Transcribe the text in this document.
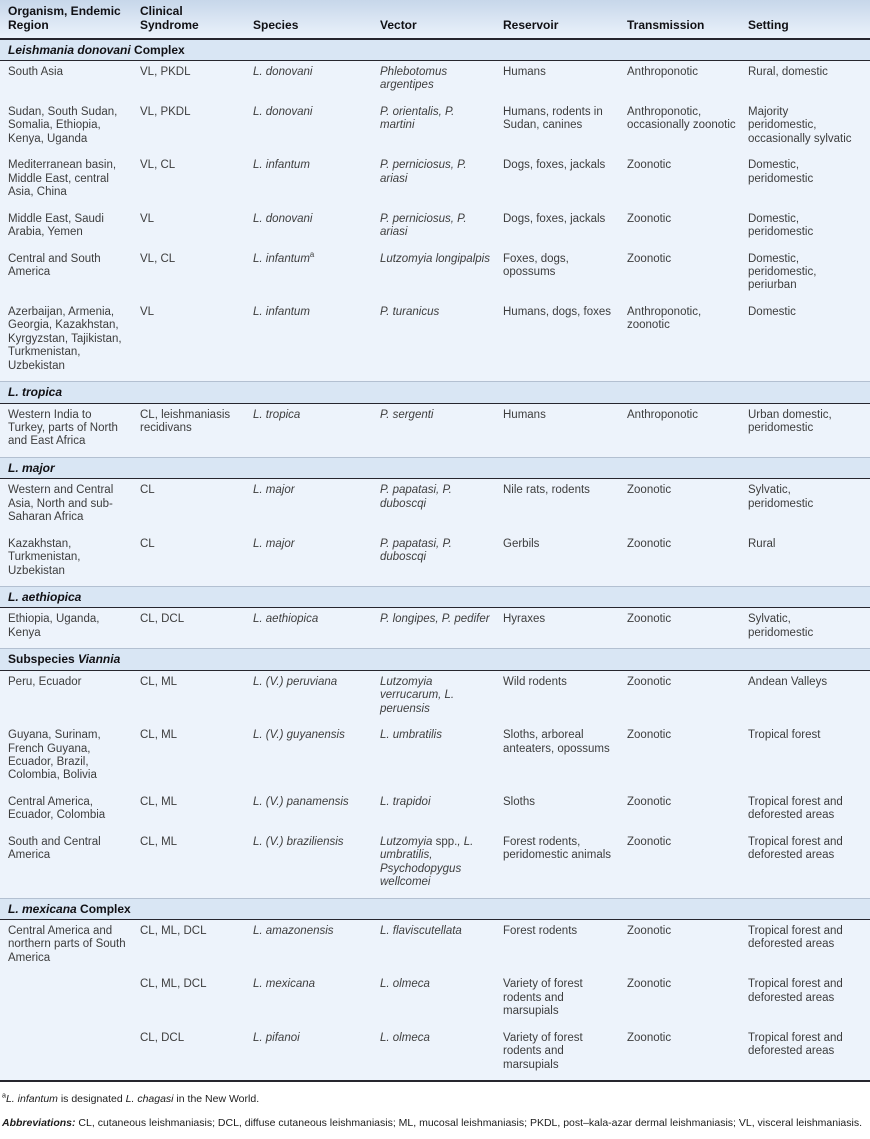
Organism, Endemic Region	Clinical Syndrome	Species	Vector	Reservoir	Transmission	Setting
Leishmania donovani Complex						
South Asia	VL, PKDL	L. donovani	Phlebotomus argentipes	Humans	Anthroponotic	Rural, domestic
Sudan, South Sudan, Somalia, Ethiopia, Kenya, Uganda	VL, PKDL	L. donovani	P. orientalis, P. martini	Humans, rodents in Sudan, canines	Anthroponotic, occasionally zoonotic	Majority peridomestic, occasionally sylvatic
Mediterranean basin, Middle East, central Asia, China	VL, CL	L. infantum	P. perniciosus, P. ariasi	Dogs, foxes, jackals	Zoonotic	Domestic, peridomestic
Middle East, Saudi Arabia, Yemen	VL	L. donovani	P. perniciosus, P. ariasi	Dogs, foxes, jackals	Zoonotic	Domestic, peridomestic
Central and South America	VL, CL	L. infantum$^a$	Lutzomyia longipalpis	Foxes, dogs, opossums	Zoonotic	Domestic, peridomestic, periurban
Azerbaijan, Armenia, Georgia, Kazakhstan, Kyrgyzstan, Tajikistan, Turkmenistan, Uzbekistan	VL	L. infantum	P. turanicus	Humans, dogs, foxes	Anthroponotic, zoonotic	Domestic
L. tropica						
Western India to Turkey, parts of North and East Africa	CL, leishmaniasis recidivans	L. tropica	P. sergenti	Humans	Anthroponotic	Urban domestic, peridomestic
L. major						
Western and Central Asia, North and sub-Saharan Africa	CL	L. major	P. papatasi, P. duboscqi	Nile rats, rodents	Zoonotic	Sylvatic, peridomestic
Kazakhstan, Turkmenistan, Uzbekistan	CL	L. major	P. papatasi, P. duboscqi	Gerbils	Zoonotic	Rural
L. aethiopica						
Ethiopia, Uganda, Kenya	CL, DCL	L. aethiopica	P. longipes, P. pedifer	Hyraxes	Zoonotic	Sylvatic, peridomestic
Subspecies Viannia						
Peru, Ecuador	CL, ML	L. (V.) peruviana	Lutzomyia verrucarum, L. peruensis	Wild rodents	Zoonotic	Andean Valleys
Guyana, Surinam, French Guyana, Ecuador, Brazil, Colombia, Bolivia	CL, ML	L. (V.) guyanensis	L. umbratilis	Sloths, arboreal anteaters, opossums	Zoonotic	Tropical forest
Central America, Ecuador, Colombia	CL, ML	L. (V.) panamensis	L. trapidoi	Sloths	Zoonotic	Tropical forest and deforested areas
South and Central America	CL, ML	L. (V.) braziliensis	Lutzomyia spp., L. umbratilis, Psychodopygus wellcomei	Forest rodents, peridomestic animals	Zoonotic	Tropical forest and deforested areas
L. mexicana Complex						
Central America and northern parts of South America	CL, ML, DCL	L. amazonensis	L. flaviscutellata	Forest rodents	Zoonotic	Tropical forest and deforested areas
	CL, ML, DCL	L. mexicana	L. olmeca	Variety of forest rodents and marsupials	Zoonotic	Tropical forest and deforested areas
	CL, DCL	L. pifanoi	L. olmeca	Variety of forest rodents and marsupials	Zoonotic	Tropical forest and deforested areas
$^a$L. infantum is designated L. chagasi in the New World.
Abbreviations: CL, cutaneous leishmaniasis; DCL, diffuse cutaneous leishmaniasis; ML, mucosal leishmaniasis; PKDL, post–kala-azar dermal leishmaniasis; VL, visceral leishmaniasis.
